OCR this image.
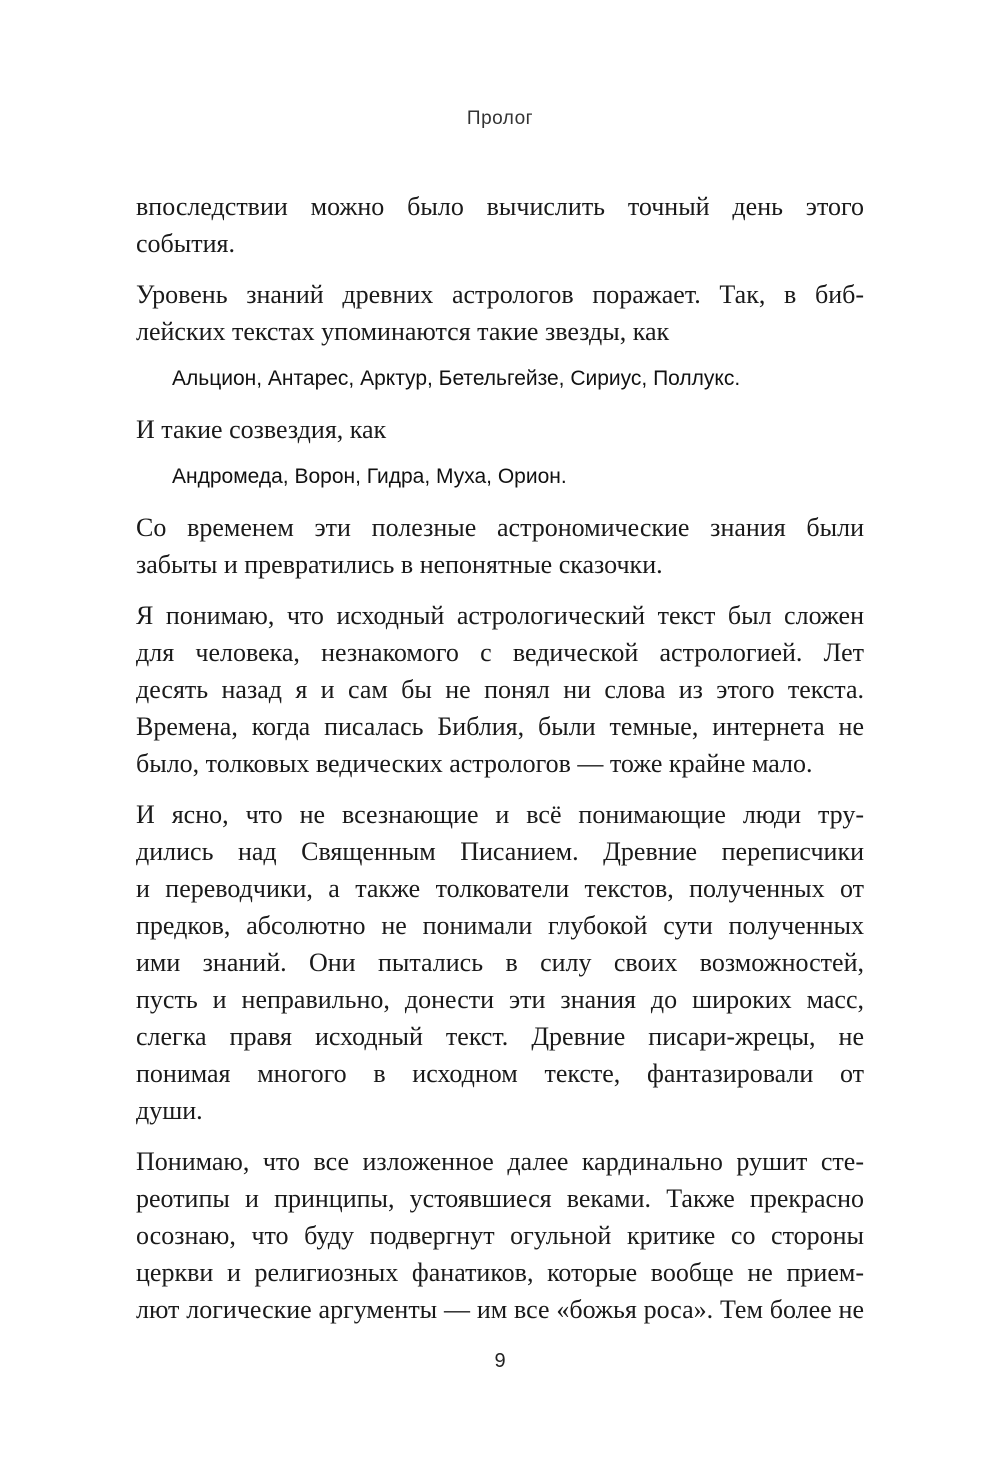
Пролог

впоследствии можно было вычислить точный день этого
события.

Уровень знаний древних астрологов поражает. Так, в биб-
лейских текстах упоминаются такие звезды, как

Альцион, Антарес, Арктур, Бетельгейзе, Сириус, Поллукс.

И такие созвездия, как

Андромеда, Ворон, Гидра, Муха, Орион.

Со временем эти полезные астрономические знания были
забыты и превратились в непонятные сказочки.

Я понимаю, что исходный астрологический текст был сложен
для человека, незнакомого с ведической астрологией. Лет
десять назад я и сам бы не понял ни слова из этого текста.
Времена, когда писалась Библия, были темные, интернета не
было, толковых ведических астрологов — тоже крайне мало.

И ясно, что не всезнающие и всё понимающие люди тру-
дились над Священным Писанием. Древние переписчики
и переводчики, а также толкователи текстов, полученных от
предков, абсолютно не понимали глубокой сути полученных
ими знаний. Они пытались в силу своих возможностей,
пусть и неправильно, донести эти знания до широких масс,
слегка правя исходный текст. Древние писари-жрецы, не
понимая многого в исходном тексте, фантазировали от
души.

Понимаю, что все изложенное далее кардинально рушит сте-
реотипы и принципы, устоявшиеся веками. Также прекрасно
осознаю, что буду подвергнут огульной критике со стороны
церкви и религиозных фанатиков, которые вообще не прием-
лют логические аргументы — им все «божья роса». Тем более не

9
